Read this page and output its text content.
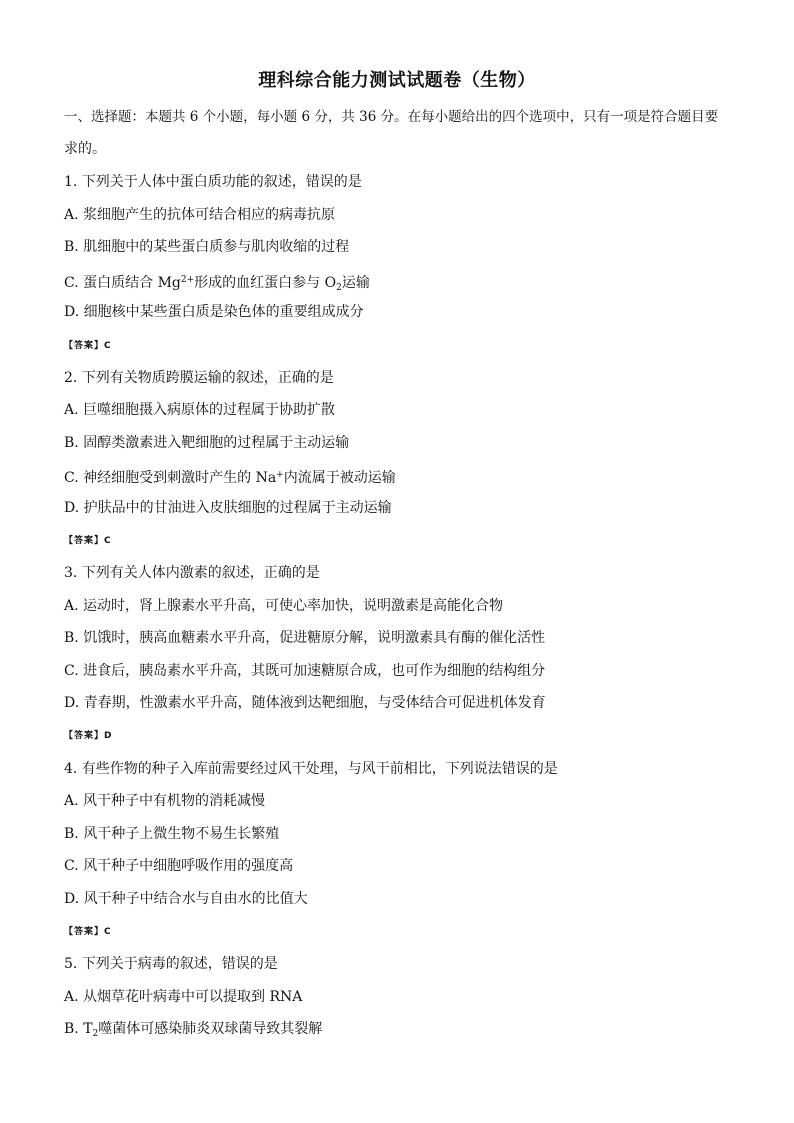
理科综合能力测试试题卷（生物）
一、选择题：本题共 6 个小题，每小题 6 分，共 36 分。在每小题给出的四个选项中，只有一项是符合题目要
求的。
1. 下列关于人体中蛋白质功能的叙述，错误的是
A. 浆细胞产生的抗体可结合相应的病毒抗原
B. 肌细胞中的某些蛋白质参与肌肉收缩的过程
C. 蛋白质结合 $Mg^{2+}$形成的血红蛋白参与 $O_2$运输
D. 细胞核中某些蛋白质是染色体的重要组成成分
【答案】C
2. 下列有关物质跨膜运输的叙述，正确的是
A. 巨噬细胞摄入病原体的过程属于协助扩散
B. 固醇类激素进入靶细胞的过程属于主动运输
C. 神经细胞受到刺激时产生的 Na+内流属于被动运输
D. 护肤品中的甘油进入皮肤细胞的过程属于主动运输
【答案】C
3. 下列有关人体内激素的叙述，正确的是
A. 运动时，肾上腺素水平升高，可使心率加快，说明激素是高能化合物
B. 饥饿时，胰高血糖素水平升高，促进糖原分解，说明激素具有酶的催化活性
C. 进食后，胰岛素水平升高，其既可加速糖原合成，也可作为细胞的结构组分
D. 青春期，性激素水平升高，随体液到达靶细胞，与受体结合可促进机体发育
【答案】D
4. 有些作物的种子入库前需要经过风干处理，与风干前相比，下列说法错误的是
A. 风干种子中有机物的消耗减慢
B. 风干种子上微生物不易生长繁殖
C. 风干种子中细胞呼吸作用的强度高
D. 风干种子中结合水与自由水的比值大
【答案】C
5. 下列关于病毒的叙述，错误的是
A. 从烟草花叶病毒中可以提取到 RNA
B. $T_2$噬菌体可感染肺炎双球菌导致其裂解
